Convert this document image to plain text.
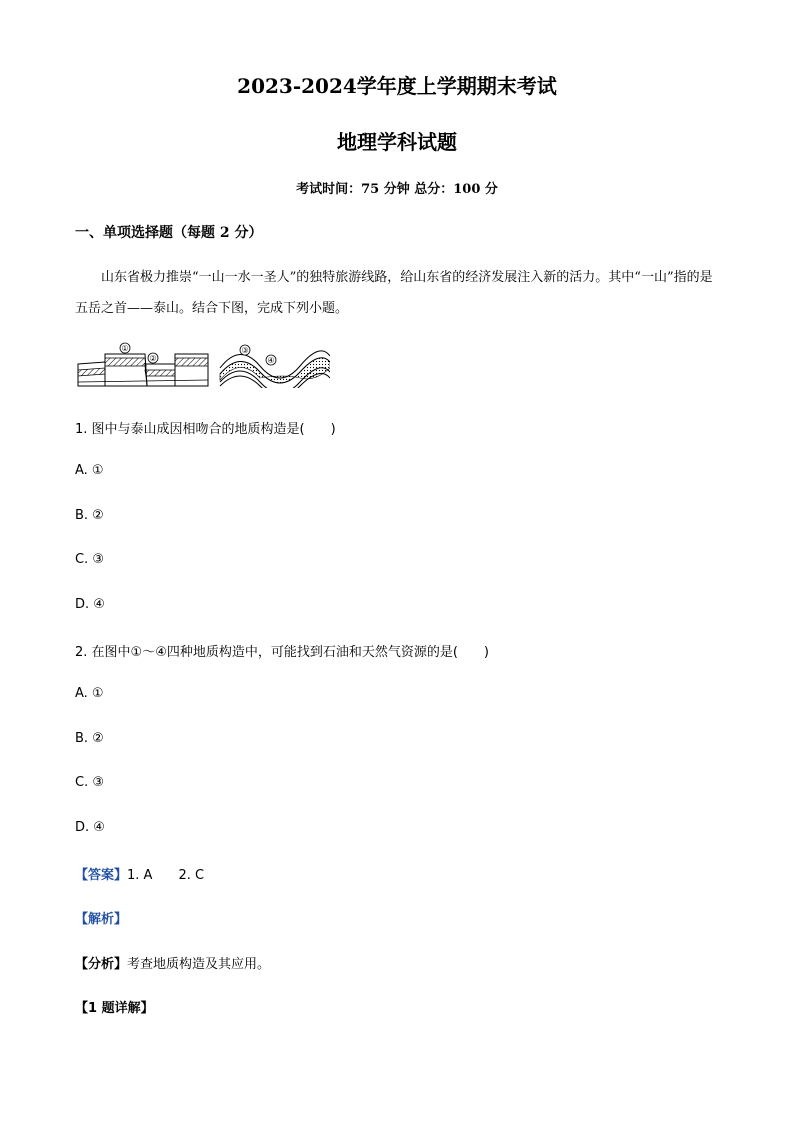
2023-2024学年度上学期期末考试
地理学科试题
考试时间：75 分钟 总分：100 分
一、单项选择题（每题 2 分）
山东省极力推崇“一山一水一圣人”的独特旅游线路，给山东省的经济发展注入新的活力。其中“一山”指的是五岳之首——泰山。结合下图，完成下列小题。
①
②
③
④
1. 图中与泰山成因相吻合的地质构造是(　　)
A. ①
B. ②
C. ③
D. ④
2. 在图中①～④四种地质构造中，可能找到石油和天然气资源的是(　　)
A. ①
B. ②
C. ③
D. ④
【答案】1. A　　2. C
【解析】
【分析】考查地质构造及其应用。
【1 题详解】
